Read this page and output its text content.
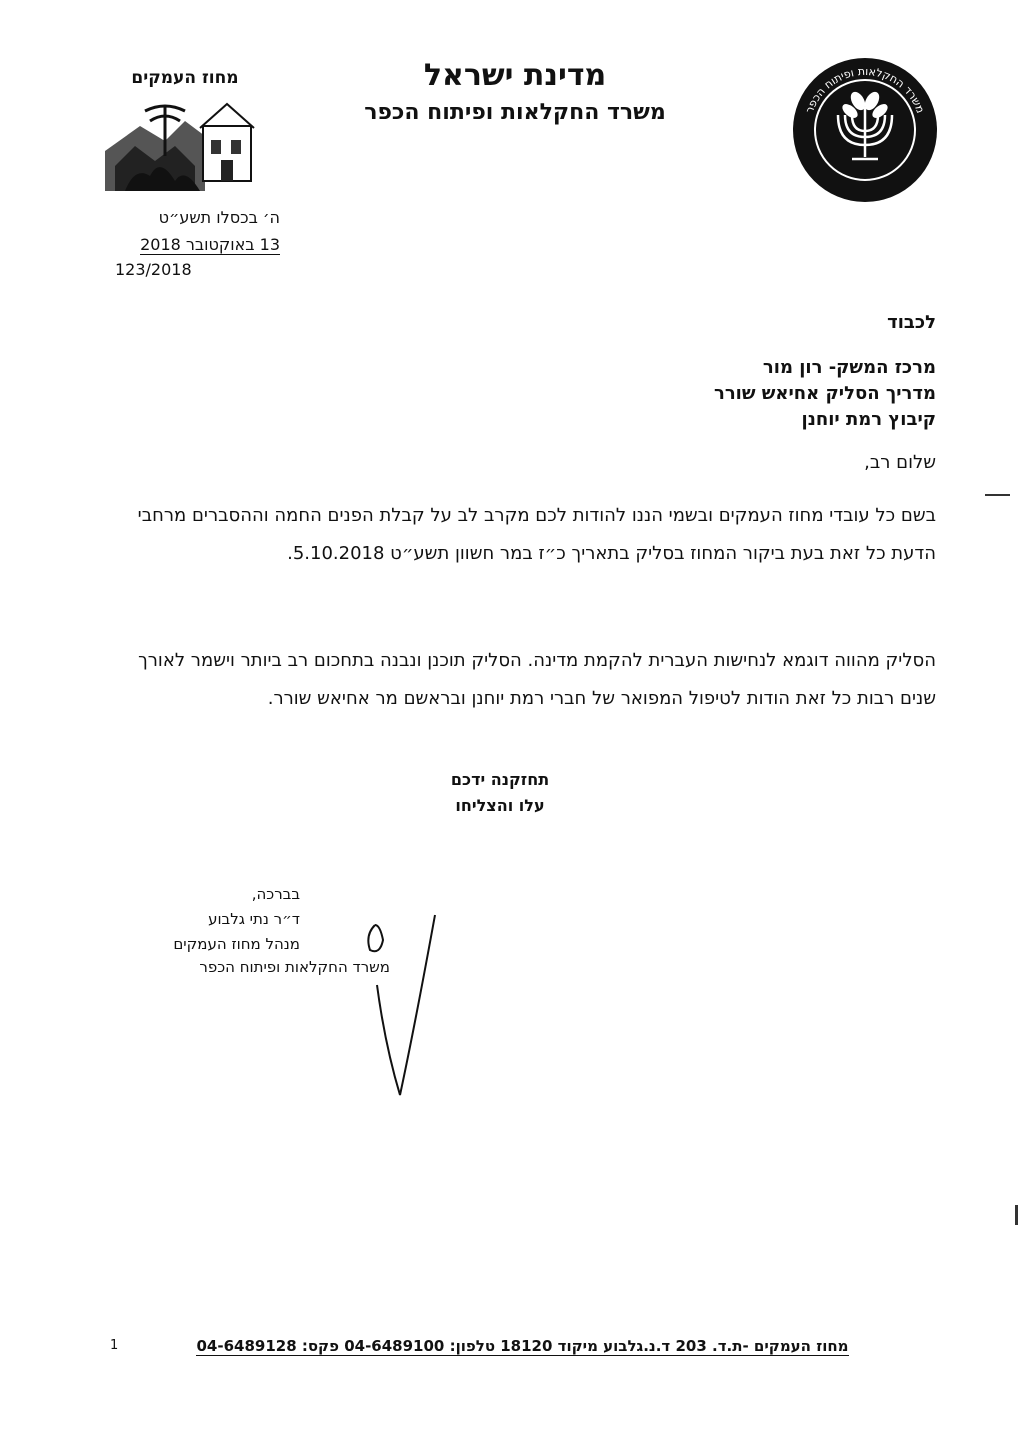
משרד החקלאות ופיתוח הכפר
מדינת ישראל
משרד החקלאות ופיתוח הכפר
מחוז העמקים
ה׳ בכסלו תשע״ט
13 באוקטובר 2018
123/2018
לכבוד
מרכז המשק- רון מור
מדריך הסליק אחיאש שורר
קיבוץ רמת יוחנן
שלום רב,
בשם כל עובדי מחוז העמקים ובשמי הננו להודות לכם מקרב לב על קבלת הפנים החמה וההסברים מרחבי הדעת כל זאת בעת ביקור המחוז בסליק בתאריך כ״ז במר חשוון תשע״ט 5.10.2018.
הסליק מהווה דוגמא לנחישות העברית להקמת מדינה. הסליק תוכנן ונבנה בתחכום רב ביותר וישמר לאורך שנים רבות כל זאת הודות לטיפול המפואר של חברי רמת יוחנן ובראשם מר אחיאש שורר.
תחזקנה ידכם
עלו והצליחו
בברכה,
ד״ר נתי גלבוע
מנהל מחוז העמקים
משרד החקלאות ופיתוח הכפר
מחוז העמקים -ת.ד. 203 ד.נ.גלבוע מיקוד 18120 טלפון: 04-6489100 פקס: 04-6489128
1
